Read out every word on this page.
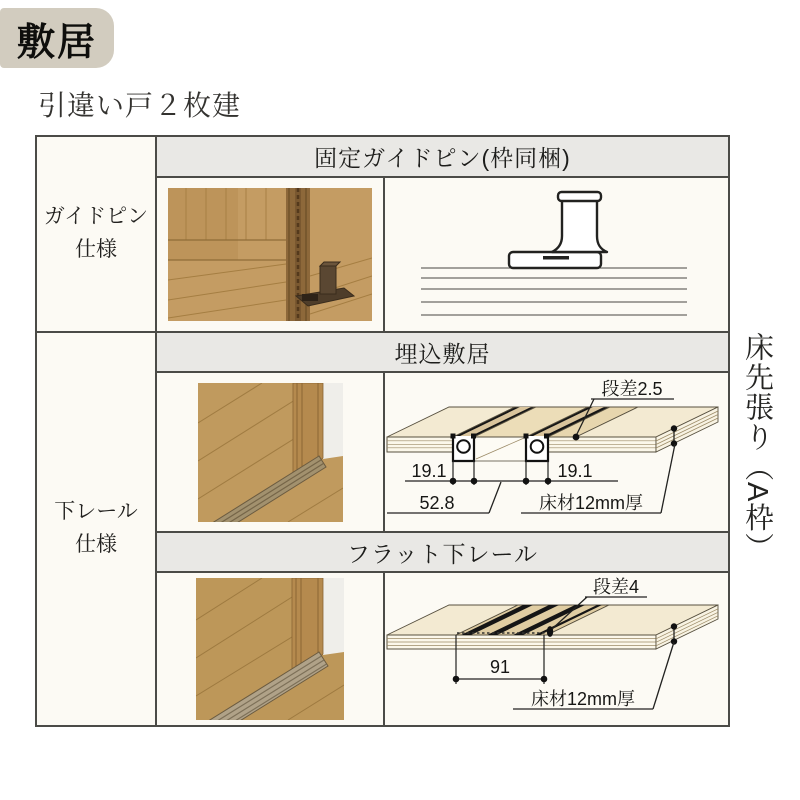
敷居
引違い戸２枚建
ガイドピン
仕様
固定ガイドピン(枠同梱)
下レール
仕様
埋込敷居
19.1	19.1
52.8	床材12mm厚
段差2.5
フラット下レール
91
床材12mm厚
段差4
床先張り（A枠）
